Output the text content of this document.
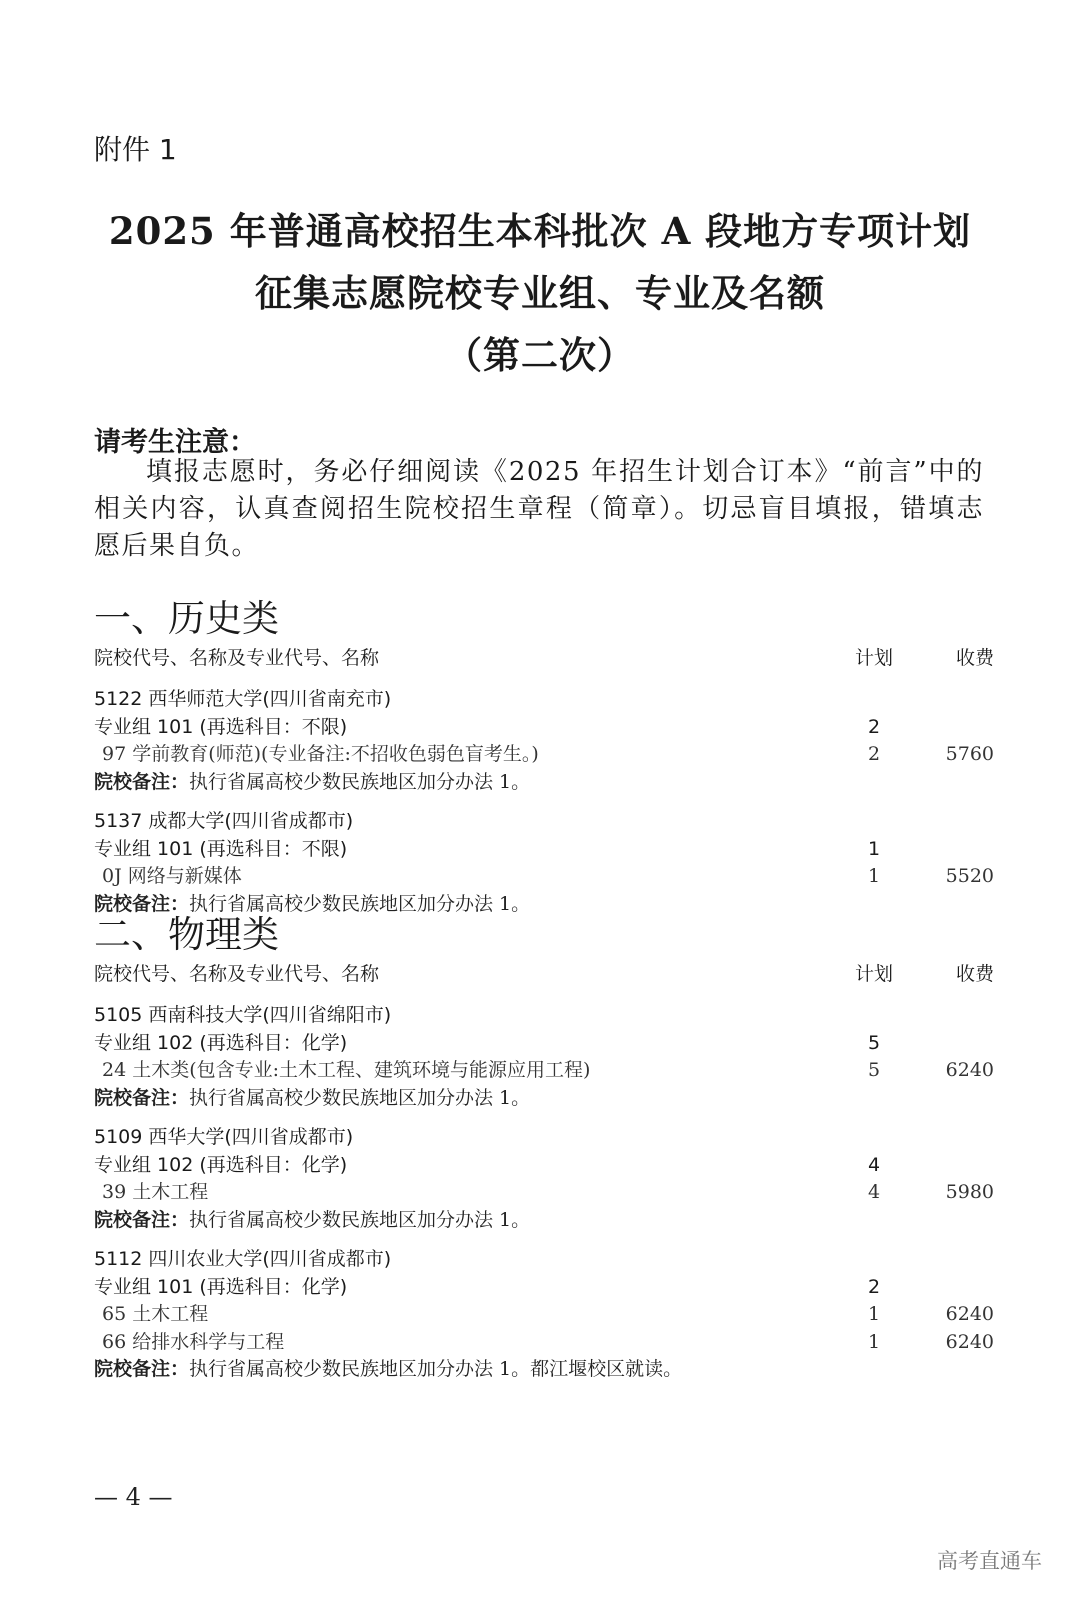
附件 1
2025 年普通高校招生本科批次 A 段地方专项计划
征集志愿院校专业组、专业及名额
（第二次）
请考生注意：
填报志愿时，务必仔细阅读《2025 年招生计划合订本》“前言”中的相关内容，认真查阅招生院校招生章程（简章）。切忌盲目填报，错填志愿后果自负。
一、历史类
院校代号、名称及专业代号、名称	计划	收费
5122 西华师范大学(四川省南充市)
专业组 101 (再选科目：不限)	2
97 学前教育(师范)(专业备注:不招收色弱色盲考生。)	2	5760
院校备注：执行省属高校少数民族地区加分办法 1。
5137 成都大学(四川省成都市)
专业组 101 (再选科目：不限)	1
0J 网络与新媒体	1	5520
院校备注：执行省属高校少数民族地区加分办法 1。
二、物理类
院校代号、名称及专业代号、名称	计划	收费
5105 西南科技大学(四川省绵阳市)
专业组 102 (再选科目：化学)	5
24 土木类(包含专业:土木工程、建筑环境与能源应用工程)	5	6240
院校备注：执行省属高校少数民族地区加分办法 1。
5109 西华大学(四川省成都市)
专业组 102 (再选科目：化学)	4
39 土木工程	4	5980
院校备注：执行省属高校少数民族地区加分办法 1。
5112 四川农业大学(四川省成都市)
专业组 101 (再选科目：化学)	2
65 土木工程	1	6240
66 给排水科学与工程	1	6240
院校备注：执行省属高校少数民族地区加分办法 1。都江堰校区就读。
— 4 —
高考直通车
